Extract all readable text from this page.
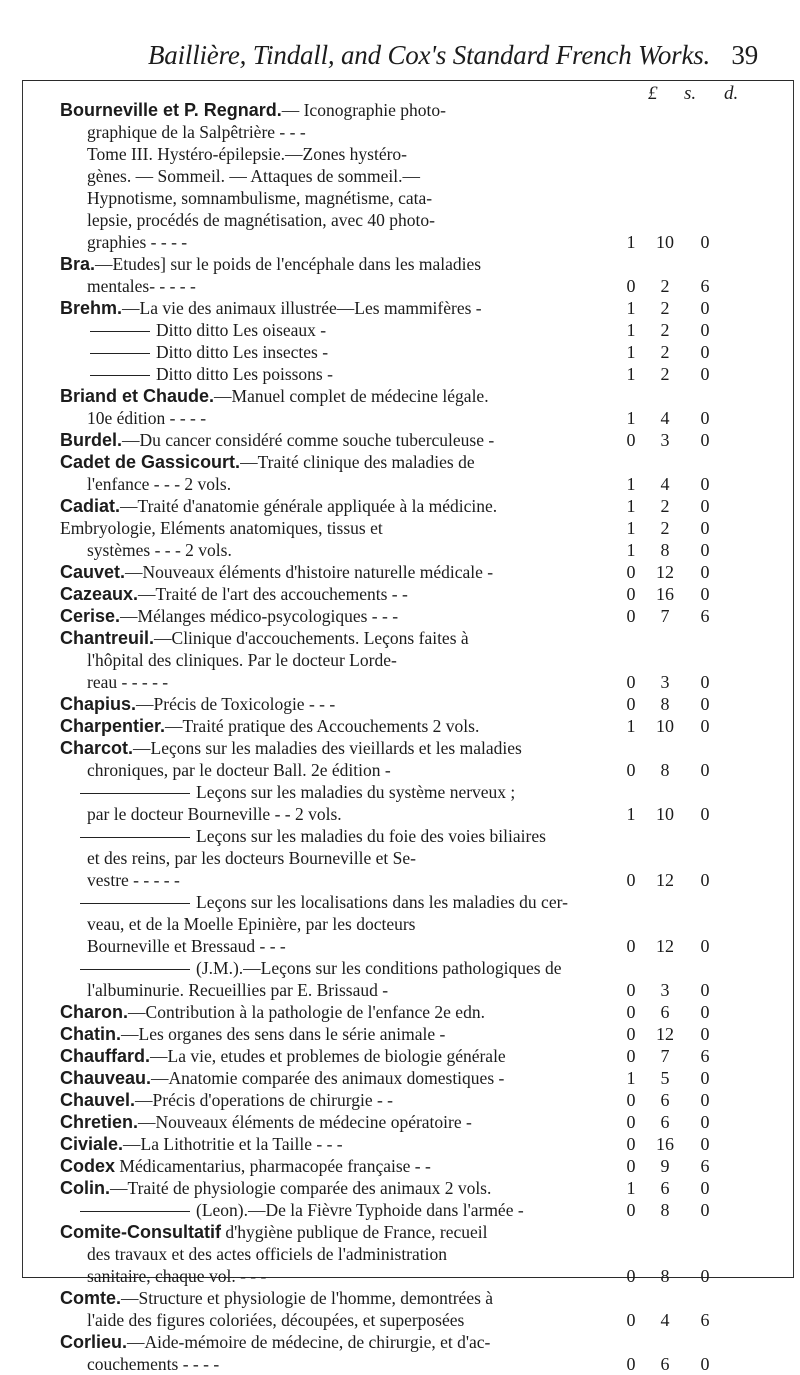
Baillière, Tindall, and Cox's Standard French Works. 39
£ s. d.
Bourneville et P. Regnard.— Iconographie photo-
graphique de la Salpêtrière - - -
Tome III. Hystéro-épilepsie.—Zones hystéro-
gènes. — Sommeil. — Attaques de sommeil.—
Hypnotisme, somnambulisme, magnétisme, cata-
lepsie, procédés de magnétisation, avec 40 photo-
graphies - - - -	1	10	0
Bra.—Etudes] sur le poids de l'encéphale dans les maladies
mentales- - - - -	0	2	6
Brehm.—La vie des animaux illustrée—Les mammifères -	1	2	0
Ditto ditto Les oiseaux -	1	2	0
Ditto ditto Les insectes -	1	2	0
Ditto ditto Les poissons -	1	2	0
Briand et Chaude.—Manuel complet de médecine légale.
10e édition - - - -	1	4	0
Burdel.—Du cancer considéré comme souche tuberculeuse -	0	3	0
Cadet de Gassicourt.—Traité clinique des maladies de
l'enfance - - - 2 vols.	1	4	0
Cadiat.—Traité d'anatomie générale appliquée à la médicine.	1	2	0
Embryologie, Eléments anatomiques, tissus et	1	2	0
systèmes - - - 2 vols.	1	8	0
Cauvet.—Nouveaux éléments d'histoire naturelle médicale -	0	12	0
Cazeaux.—Traité de l'art des accouchements - -	0	16	0
Cerise.—Mélanges médico-psycologiques - - -	0	7	6
Chantreuil.—Clinique d'accouchements. Leçons faites à
l'hôpital des cliniques. Par le docteur Lorde-
reau - - - - -	0	3	0
Chapius.—Précis de Toxicologie - - -	0	8	0
Charpentier.—Traité pratique des Accouchements 2 vols.	1	10	0
Charcot.—Leçons sur les maladies des vieillards et les maladies
chroniques, par le docteur Ball. 2e édition -	0	8	0
Leçons sur les maladies du système nerveux ;
par le docteur Bourneville - - 2 vols.	1	10	0
Leçons sur les maladies du foie des voies biliaires
et des reins, par les docteurs Bourneville et Se-
vestre - - - - -	0	12	0
Leçons sur les localisations dans les maladies du cer-
veau, et de la Moelle Epinière, par les docteurs
Bourneville et Bressaud - - -	0	12	0
(J.M.).—Leçons sur les conditions pathologiques de
l'albuminurie. Recueillies par E. Brissaud -	0	3	0
Charon.—Contribution à la pathologie de l'enfance 2e edn.	0	6	0
Chatin.—Les organes des sens dans le série animale -	0	12	0
Chauffard.—La vie, etudes et problemes de biologie générale	0	7	6
Chauveau.—Anatomie comparée des animaux domestiques -	1	5	0
Chauvel.—Précis d'operations de chirurgie - -	0	6	0
Chretien.—Nouveaux éléments de médecine opératoire -	0	6	0
Civiale.—La Lithotritie et la Taille - - -	0	16	0
Codex Médicamentarius, pharmacopée française - -	0	9	6
Colin.—Traité de physiologie comparée des animaux 2 vols.	1	6	0
(Leon).—De la Fièvre Typhoide dans l'armée -	0	8	0
Comite-Consultatif d'hygiène publique de France, recueil
des travaux et des actes officiels de l'administration
sanitaire, chaque vol. - - -	0	8	0
Comte.—Structure et physiologie de l'homme, demontrées à
l'aide des figures coloriées, découpées, et superposées	0	4	6
Corlieu.—Aide-mémoire de médecine, de chirurgie, et d'ac-
couchements - - - -	0	6	0
